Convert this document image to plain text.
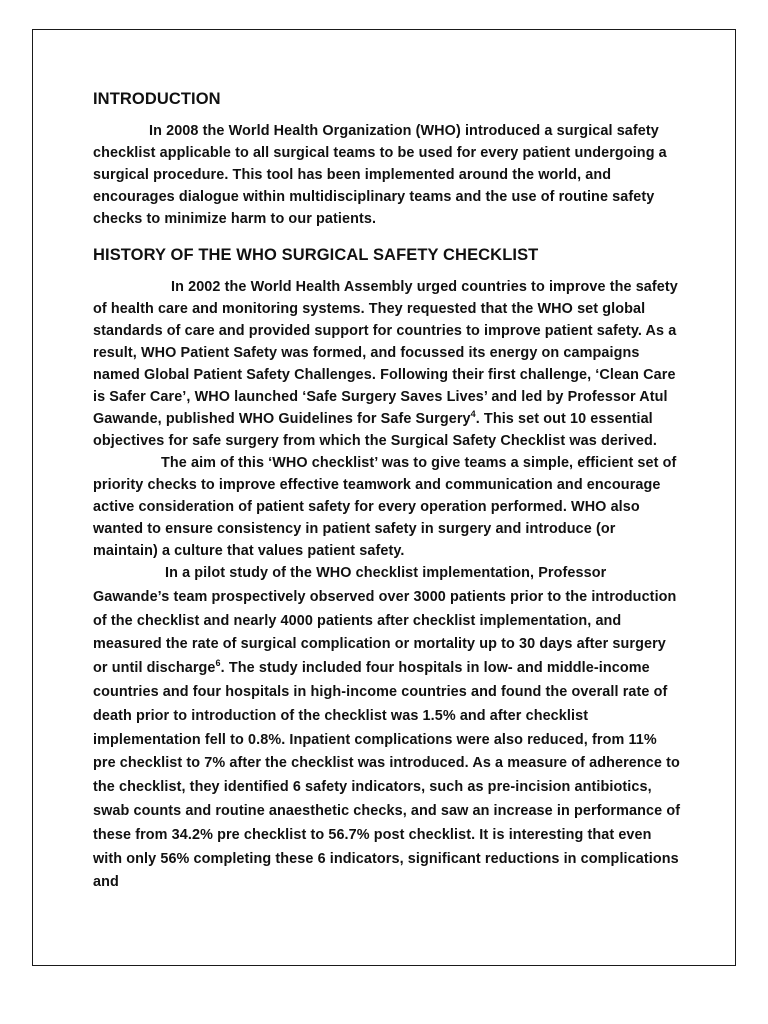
INTRODUCTION

In 2008 the World Health Organization (WHO) introduced a surgical safety checklist applicable to all surgical teams to be used for every patient undergoing a surgical procedure. This tool has been implemented around the world, and encourages dialogue within multidisciplinary teams and the use of routine safety checks to minimize harm to our patients.

HISTORY OF THE WHO SURGICAL SAFETY CHECKLIST

In 2002 the World Health Assembly urged countries to improve the safety of health care and monitoring systems. They requested that the WHO set global standards of care and provided support for countries to improve patient safety. As a result, WHO Patient Safety was formed, and focussed its energy on campaigns named Global Patient Safety Challenges. Following their first challenge, ‘Clean Care is Safer Care’, WHO launched ‘Safe Surgery Saves Lives’ and led by Professor Atul Gawande, published WHO Guidelines for Safe Surgery$^4$. This set out 10 essential objectives for safe surgery from which the Surgical Safety Checklist was derived.

The aim of this ‘WHO checklist’ was to give teams a simple, efficient set of priority checks to improve effective teamwork and communication and encourage active consideration of patient safety for every operation performed. WHO also wanted to ensure consistency in patient safety in surgery and introduce (or maintain) a culture that values patient safety.

In a pilot study of the WHO checklist implementation, Professor Gawande’s team prospectively observed over 3000 patients prior to the introduction of the checklist and nearly 4000 patients after checklist implementation, and measured the rate of surgical complication or mortality up to 30 days after surgery or until discharge$^6$. The study included four hospitals in low- and middle-income countries and four hospitals in high-income countries and found the overall rate of death prior to introduction of the checklist was 1.5% and after checklist implementation fell to 0.8%. Inpatient complications were also reduced, from 11% pre checklist to 7% after the checklist was introduced. As a measure of adherence to the checklist, they identified 6 safety indicators, such as pre-incision antibiotics, swab counts and routine anaesthetic checks, and saw an increase in performance of these from 34.2% pre checklist to 56.7% post checklist. It is interesting that even with only 56% completing these 6 indicators, significant reductions in complications and
